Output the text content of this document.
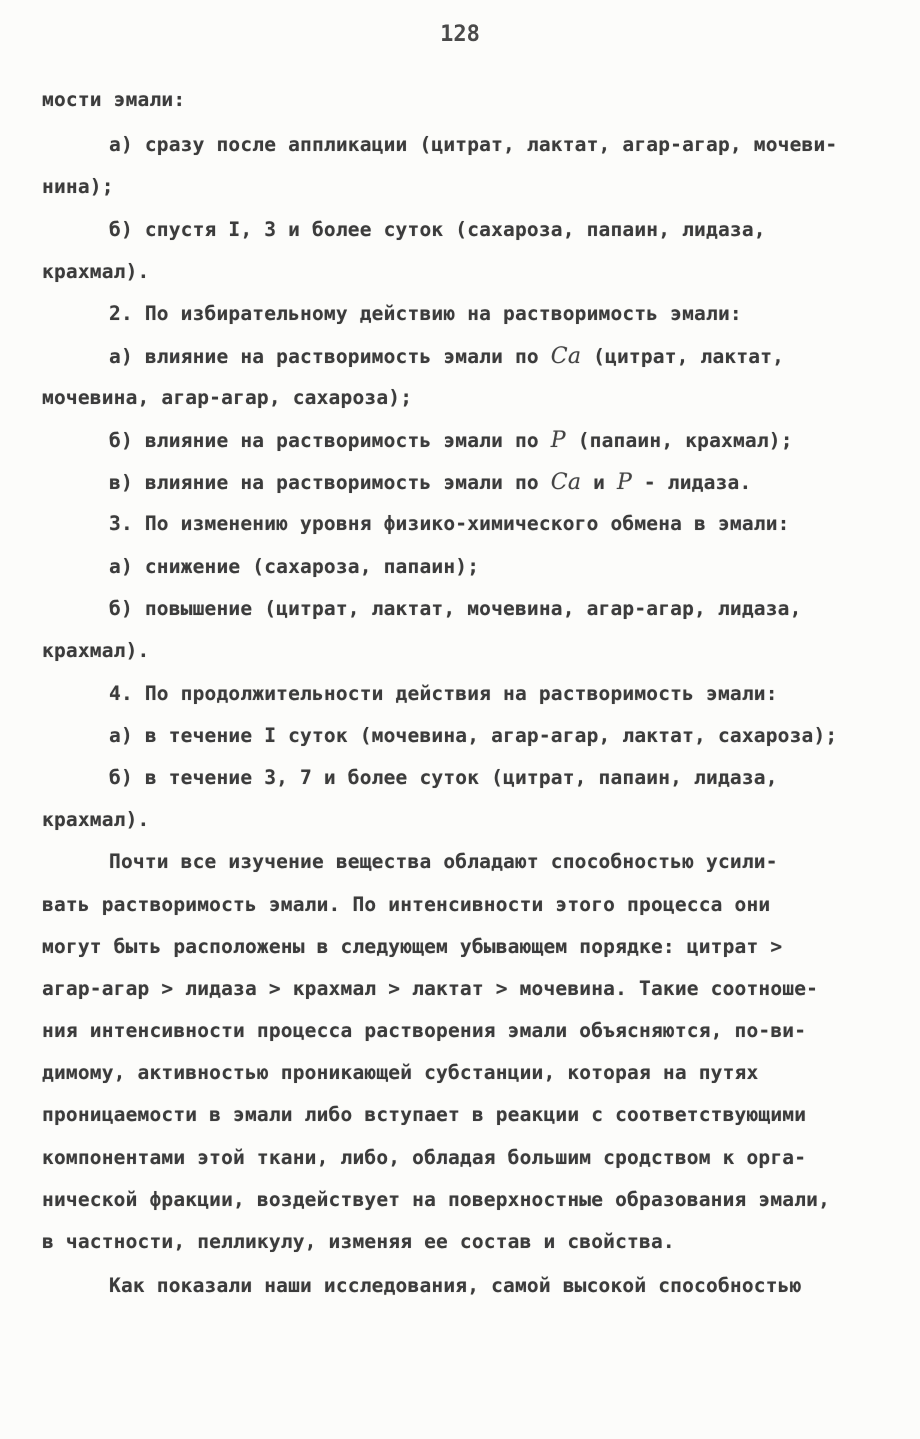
128
мости эмали:
а) сразу после аппликации (цитрат, лактат, агар-агар, мочеви-
нина);
б) спустя I, 3 и более суток (сахароза, папаин, лидаза,
крахмал).
2. По избирательному действию на растворимость эмали:
а) влияние на растворимость эмали по Ca (цитрат, лактат,
мочевина, агар-агар, сахароза);
б) влияние на растворимость эмали по P (папаин, крахмал);
в) влияние на растворимость эмали по Ca и P - лидаза.
3. По изменению уровня физико-химического обмена в эмали:
а) снижение (сахароза, папаин);
б) повышение (цитрат, лактат, мочевина, агар-агар, лидаза,
крахмал).
4. По продолжительности действия на растворимость эмали:
а) в течение I суток (мочевина, агар-агар, лактат, сахароза);
б) в течение 3, 7 и более суток (цитрат, папаин, лидаза,
крахмал).
Почти все изучение вещества обладают способностью усили-
вать растворимость эмали. По интенсивности этого процесса они
могут быть расположены в следующем убывающем порядке: цитрат >
агар-агар > лидаза > крахмал > лактат > мочевина. Такие соотноше-
ния интенсивности процесса растворения эмали объясняются, по-ви-
димому, активностью проникающей субстанции, которая на путях
проницаемости в эмали либо вступает в реакции с соответствующими
компонентами этой ткани, либо, обладая большим сродством к орга-
нической фракции, воздействует на поверхностные образования эмали,
в частности, пелликулу, изменяя ее состав и свойства.
Как показали наши исследования, самой высокой способностью
